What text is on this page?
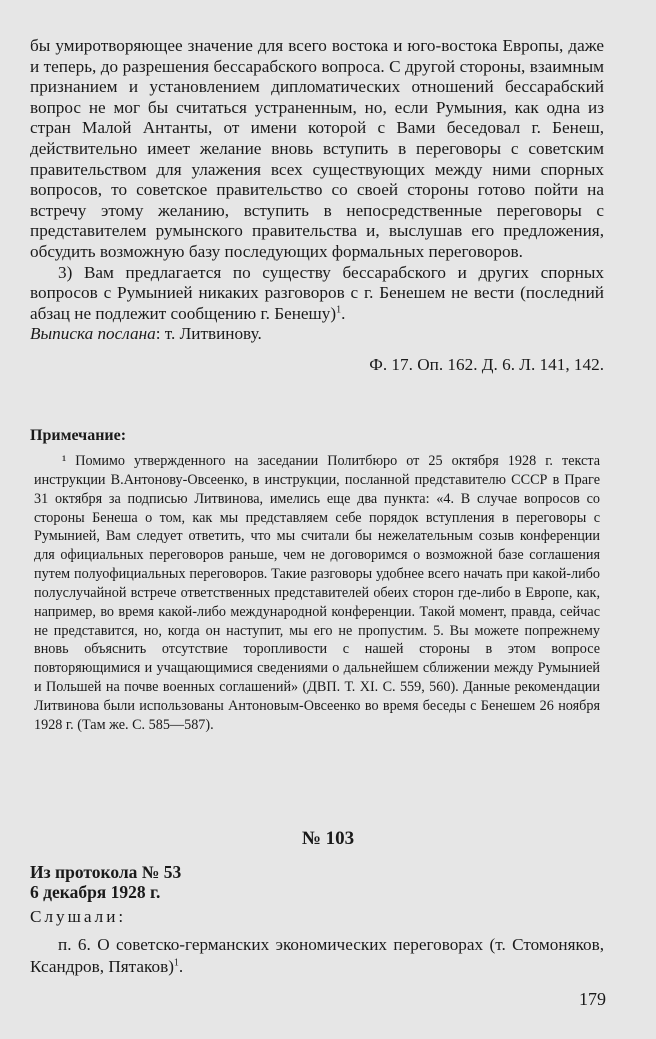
бы умиротворяющее значение для всего востока и юго-востока Европы, даже и теперь, до разрешения бессарабского вопроса. С другой стороны, взаимным признанием и установлением дипломатических отношений бессарабский вопрос не мог бы считаться устраненным, но, если Румыния, как одна из стран Малой Антанты, от имени которой с Вами беседовал г. Бенеш, действительно имеет желание вновь вступить в переговоры с советским правительством для улажения всех существующих между ними спорных вопросов, то советское правительство со своей стороны готово пойти на встречу этому желанию, вступить в непосредственные переговоры с представителем румынского правительства и, выслушав его предложения, обсудить возможную базу последующих формальных переговоров.

3) Вам предлагается по существу бессарабского и других спорных вопросов с Румынией никаких разговоров с г. Бенешем не вести (последний абзац не подлежит сообщению г. Бенешу)$^1$.

Выписка послана: т. Литвинову.

Ф. 17. Оп. 162. Д. 6. Л. 141, 142.

Примечание:

¹ Помимо утвержденного на заседании Политбюро от 25 октября 1928 г. текста инструкции В.Антонову-Овсеенко, в инструкции, посланной представителю СССР в Праге 31 октября за подписью Литвинова, имелись еще два пункта: «4. В случае вопросов со стороны Бенеша о том, как мы представляем себе порядок вступления в переговоры с Румынией, Вам следует ответить, что мы считали бы нежелательным созыв конференции для официальных переговоров раньше, чем не договоримся о возможной базе соглашения путем полуофициальных переговоров. Такие разговоры удобнее всего начать при какой-либо полуслучайной встрече ответственных представителей обеих сторон где-либо в Европе, как, например, во время какой-либо международной конференции. Такой момент, правда, сейчас не представится, но, когда он наступит, мы его не пропустим. 5. Вы можете попрежнему вновь объяснить отсутствие торопливости с нашей стороны в этом вопросе повторяющимися и учащающимися сведениями о дальнейшем сближении между Румынией и Польшей на почве военных соглашений» (ДВП. Т. XI. С. 559, 560). Данные рекомендации Литвинова были использованы Антоновым-Овсеенко во время беседы с Бенешем 26 ноября 1928 г. (Там же. С. 585—587).

№ 103
Из протокола № 53
6 декабря 1928 г.
Слушали:

п. 6. О советско-германских экономических переговорах (т. Стомоняков, Ксандров, Пятаков)$^1$.

179
